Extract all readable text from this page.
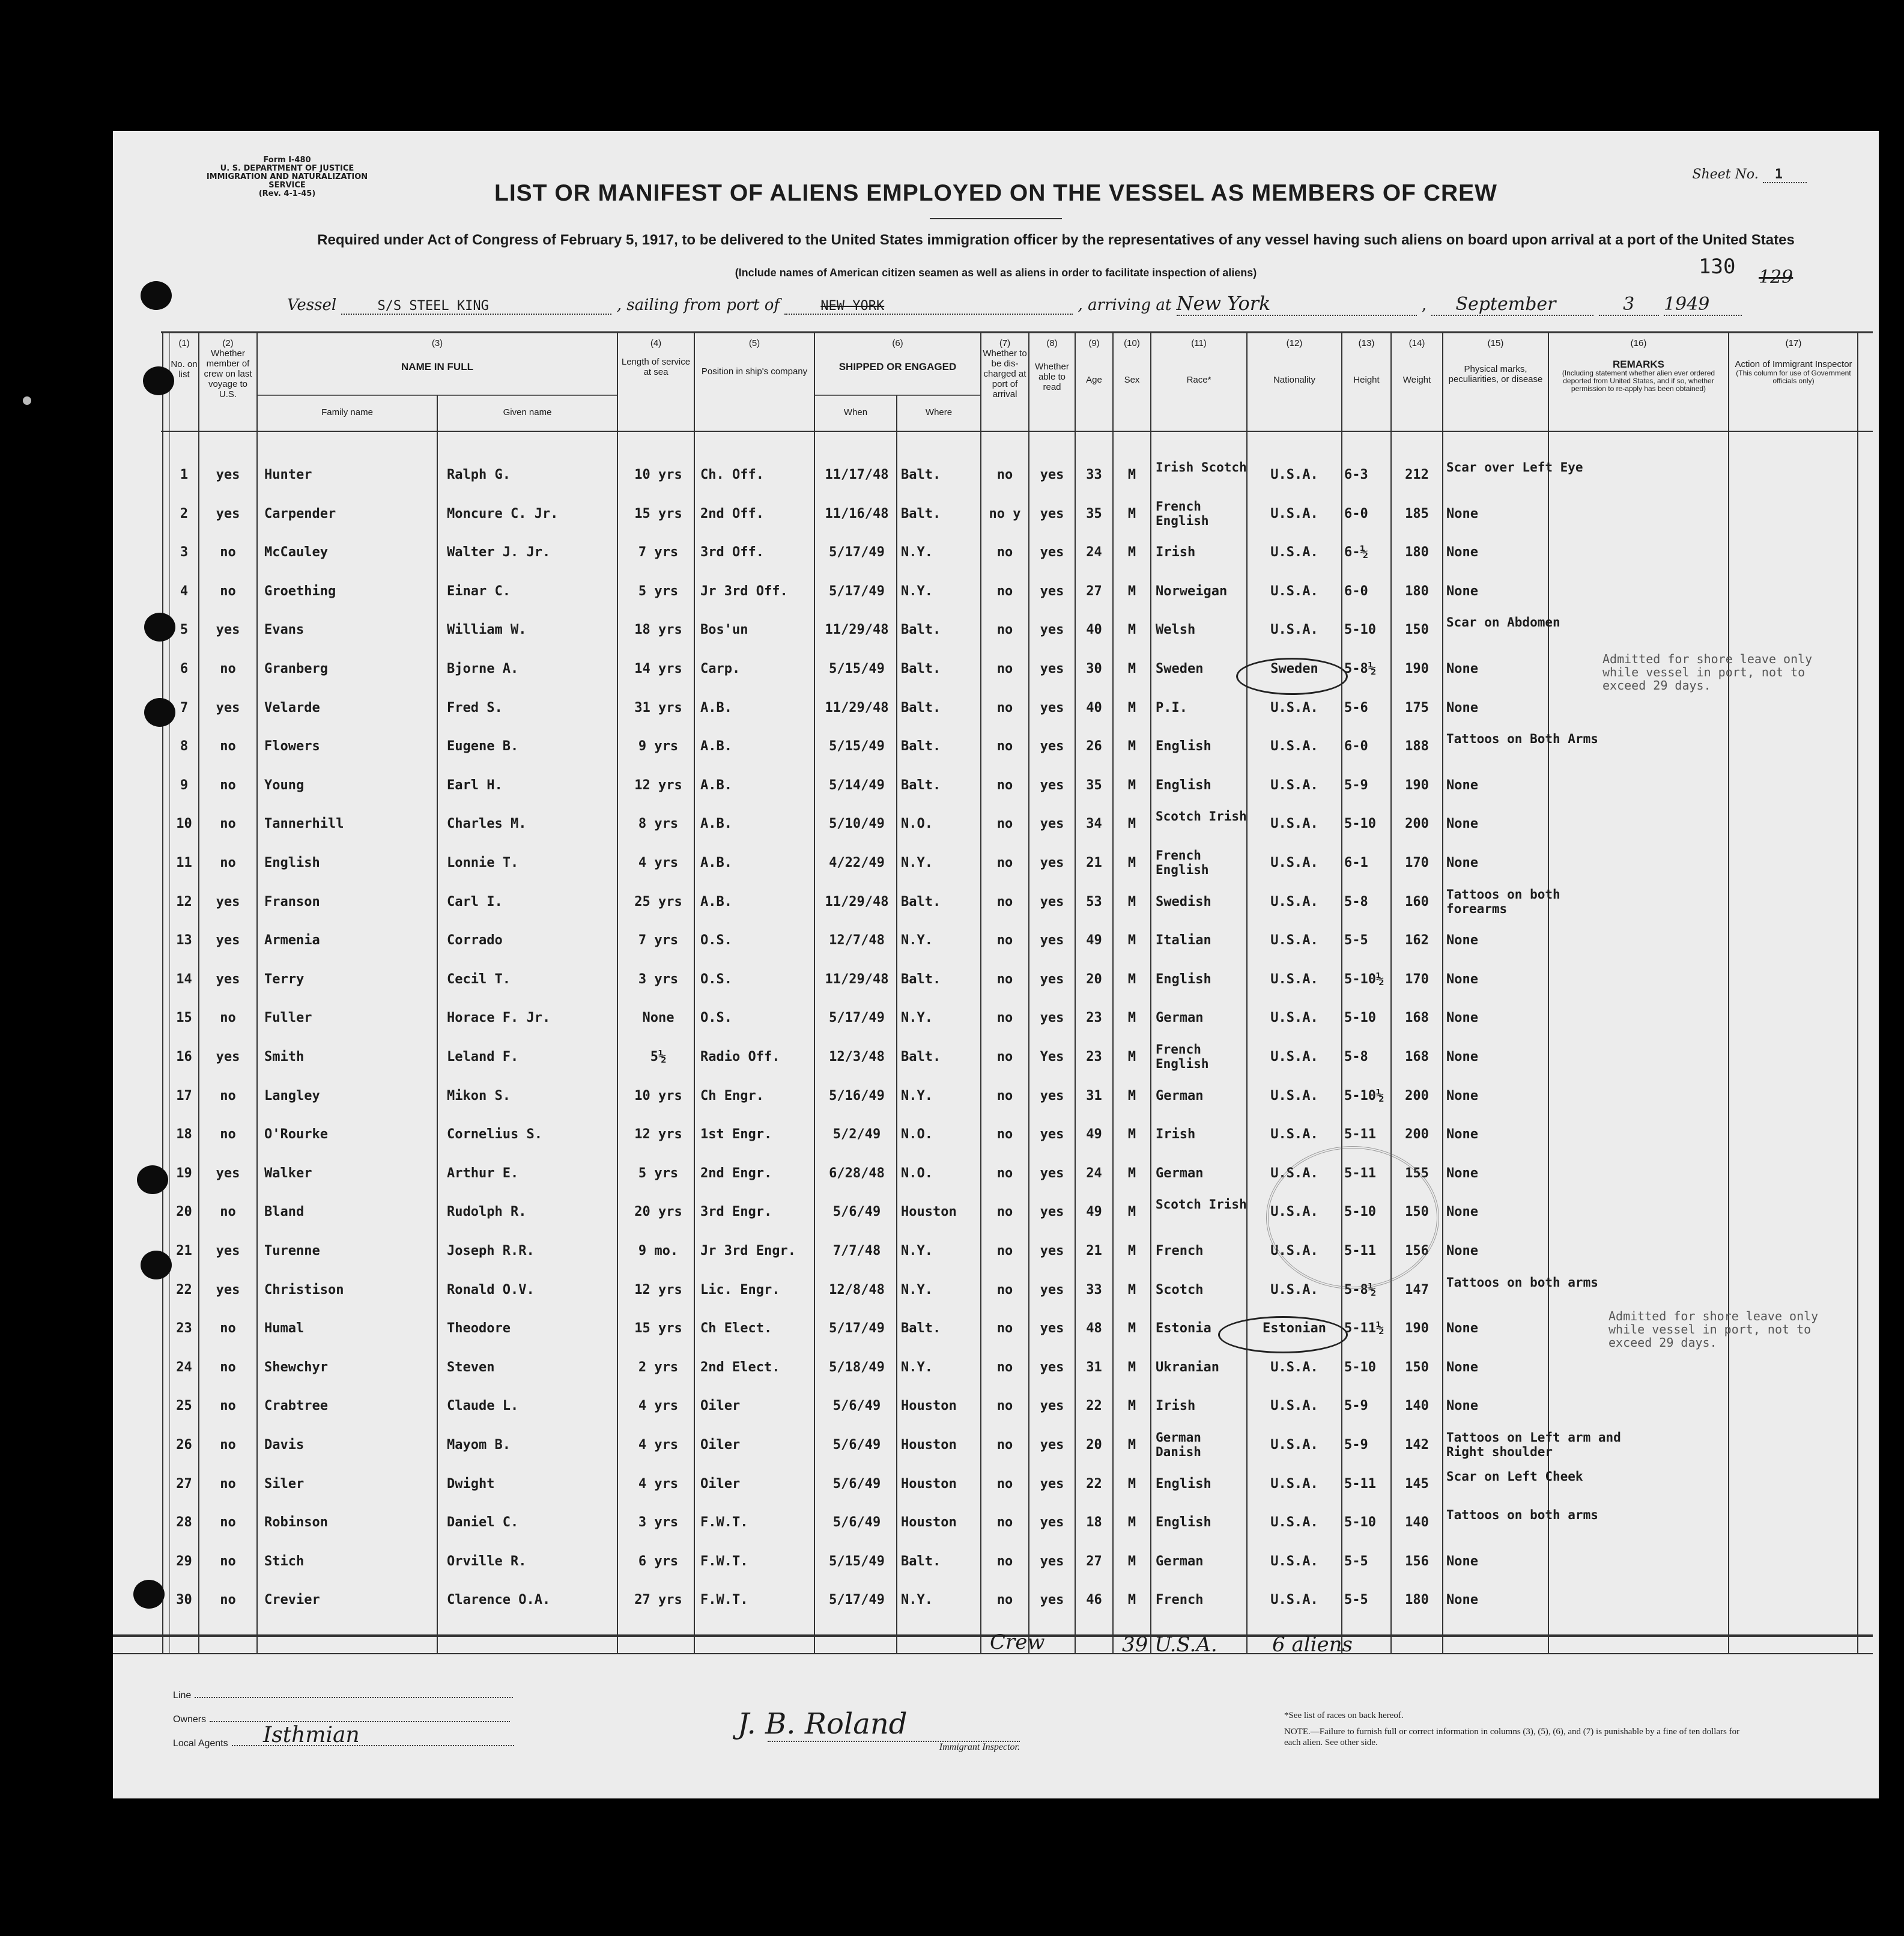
Form I-480
U. S. DEPARTMENT OF JUSTICE
IMMIGRATION AND NATURALIZATION SERVICE
(Rev. 4-1-45)
Sheet No. 1
LIST OR MANIFEST OF ALIENS EMPLOYED ON THE VESSEL AS MEMBERS OF CREW
Required under Act of Congress of February 5, 1917, to be delivered to the United States immigration officer by the representatives of any vessel having such aliens on board upon arrival at a port of the United States
(Include names of American citizen seamen as well as aliens in order to facilitate inspection of aliens)	130 129
Vessel	S/S STEEL KING	, sailing from port of	NEW YORK	, arriving at New York	, September	3 1949
(1)
No. on list
(2)
Whether member of crew on last voyage to U.S.
(3)
NAME IN FULL
Family name	Given name
(4)
Length of service at sea
(5)
Position in ship's company
(6)
SHIPPED OR ENGAGED
When	Where
(7)
Whether to be dis-charged at port of arrival
(8)
Whether able to read
(9)
Age
(10)
Sex
(11)
Race*
(12)
Nationality
(13)
Height
(14)
Weight
(15)
Physical marks, peculiarities, or disease
(16)
REMARKS
(Including statement whether alien ever ordered deported from United States, and if so, whether permission to re-apply has been obtained)
(17)
Action of Immigrant Inspector
(This column for use of Government officials only)
1	yes	Hunter	Ralph G.	10 yrs	Ch. Off.	11/17/48 Balt.	no	yes	33	M	Irish Scotch	U.S.A.	6-3	212	Scar over Left Eye
2	yes	Carpender	Moncure C. Jr.	15 yrs	2nd Off.	11/16/48 Balt.	no y	yes	35	M	French English	U.S.A.	6-0	185	None
3	no	McCauley	Walter J. Jr.	7 yrs	3rd Off.	5/17/49	N.Y.	no	yes	24	M	Irish	U.S.A.	6-½	180	None
4	no	Groething	Einar C.	5 yrs	Jr 3rd Off.	5/17/49	N.Y.	no	yes	27	M	Norweigan	U.S.A.	6-0	180	None
5	yes	Evans	William W.	18 yrs	Bos'un	11/29/48 Balt.	no	yes	40	M	Welsh	U.S.A.	5-10	150	Scar on Abdomen
6	no	Granberg	Bjorne A.	14 yrs	Carp.	5/15/49	Balt.	no	yes	30	M	Sweden	Sweden	5-8½	190	None
7	yes	Velarde	Fred S.	31 yrs	A.B.	11/29/48 Balt.	no	yes	40	M	P.I.	U.S.A.	5-6	175	None
8	no	Flowers	Eugene B.	9 yrs	A.B.	5/15/49	Balt.	no	yes	26	M	English	U.S.A.	6-0	188	Tattoos on Both Arms
9	no	Young	Earl H.	12 yrs	A.B.	5/14/49	Balt.	no	yes	35	M	English	U.S.A.	5-9	190	None
10	no	Tannerhill	Charles M.	8 yrs	A.B.	5/10/49	N.O.	no	yes	34	M	Scotch Irish	U.S.A.	5-10	200	None
11	no	English	Lonnie T.	4 yrs	A.B.	4/22/49	N.Y.	no	yes	21	M	French English	U.S.A.	6-1	170	None
12	yes	Franson	Carl I.	25 yrs	A.B.	11/29/48 Balt.	no	yes	53	M	Swedish	U.S.A.	5-8	160	Tattoos on both forearms
13	yes	Armenia	Corrado	7 yrs	O.S.	12/7/48	N.Y.	no	yes	49	M	Italian	U.S.A.	5-5	162	None
14	yes	Terry	Cecil T.	3 yrs	O.S.	11/29/48 Balt.	no	yes	20	M	English	U.S.A.	5-10½	170	None
15	no	Fuller	Horace F. Jr.	None	O.S.	5/17/49	N.Y.	no	yes	23	M	German	U.S.A.	5-10	168	None
16	yes	Smith	Leland F.	5½	Radio Off.	12/3/48	Balt.	no	Yes	23	M	French English	U.S.A.	5-8	168	None
17	no	Langley	Mikon S.	10 yrs	Ch Engr.	5/16/49	N.Y.	no	yes	31	M	German	U.S.A.	5-10½	200	None
18	no	O'Rourke	Cornelius S.	12 yrs	1st Engr.	5/2/49	N.O.	no	yes	49	M	Irish	U.S.A.	5-11	200	None
19	yes	Walker	Arthur E.	5 yrs	2nd Engr.	6/28/48	N.O.	no	yes	24	M	German	U.S.A.	5-11	155	None
20	no	Bland	Rudolph R.	20 yrs	3rd Engr.	5/6/49	Houston	no	yes	49	M	Scotch Irish	U.S.A.	5-10	150	None
21	yes	Turenne	Joseph R.R.	9 mo.	Jr 3rd Engr.	7/7/48	N.Y.	no	yes	21	M	French	U.S.A.	5-11	156	None
22	yes	Christison	Ronald O.V.	12 yrs	Lic. Engr.	12/8/48	N.Y.	no	yes	33	M	Scotch	U.S.A.	5-8½	147	Tattoos on both arms
23	no	Humal	Theodore	15 yrs	Ch Elect.	5/17/49	Balt.	no	yes	48	M	Estonia	Estonian	5-11½	190	None
24	no	Shewchyr	Steven	2 yrs	2nd Elect.	5/18/49	N.Y.	no	yes	31	M	Ukranian	U.S.A.	5-10	150	None
25	no	Crabtree	Claude L.	4 yrs	Oiler	5/6/49	Houston	no	yes	22	M	Irish	U.S.A.	5-9	140	None
26	no	Davis	Mayom B.	4 yrs	Oiler	5/6/49	Houston	no	yes	20	M	German Danish	U.S.A.	5-9	142	Tattoos on Left arm and Right shoulder
27	no	Siler	Dwight	4 yrs	Oiler	5/6/49	Houston	no	yes	22	M	English	U.S.A.	5-11	145	Scar on Left Cheek
28	no	Robinson	Daniel C.	3 yrs	F.W.T.	5/6/49	Houston	no	yes	18	M	English	U.S.A.	5-10	140	Tattoos on both arms
29	no	Stich	Orville R.	6 yrs	F.W.T.	5/15/49	Balt.	no	yes	27	M	German	U.S.A.	5-5	156	None
30	no	Crevier	Clarence O.A.	27 yrs	F.W.T.	5/17/49	N.Y.	no	yes	46	M	French	U.S.A.	5-5	180	None
Admitted for shore leave only while vessel in port, not to exceed 29 days.
Admitted for shore leave only while vessel in port, not to exceed 29 days.
Crew	39 U.S.A.	6 aliens
Line
Owners
Local Agents	Isthmian	J. B. Roland
Immigrant Inspector.
*See list of races on back hereof.
NOTE.—Failure to furnish full or correct information in columns (3), (5), (6), and (7) is punishable by a fine of ten dollars for each alien. See other side.
